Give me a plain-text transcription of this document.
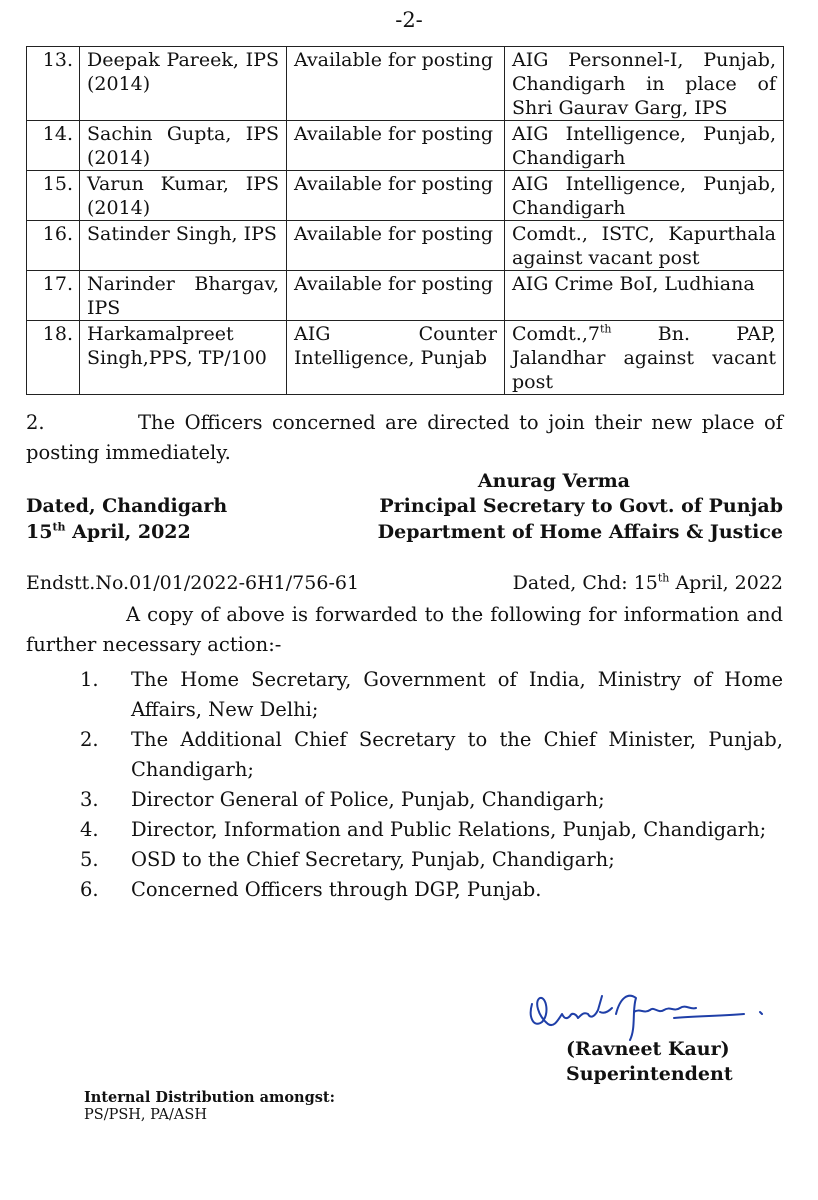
-2-
13.	Deepak Pareek, IPS (2014)	Available for posting	AIG Personnel-I, Punjab, Chandigarh in place of Shri Gaurav Garg, IPS
14.	Sachin Gupta, IPS (2014)	Available for posting	AIG Intelligence, Punjab, Chandigarh
15.	Varun Kumar, IPS (2014)	Available for posting	AIG Intelligence, Punjab, Chandigarh
16.	Satinder Singh, IPS	Available for posting	Comdt., ISTC, Kapurthala against vacant post
17.	Narinder Bhargav, IPS	Available for posting	AIG Crime BoI, Ludhiana
18.	Harkamalpreet Singh,PPS, TP/100	AIG Counter Intelligence, Punjab	Comdt.,7th Bn. PAP, Jalandhar against vacant post
2.	The Officers concerned are directed to join their new place of posting immediately.
Anurag Verma
Principal Secretary to Govt. of Punjab
Department of Home Affairs & Justice
Dated, Chandigarh
15th April, 2022
Endstt.No.01/01/2022-6H1/756-61	Dated, Chd: 15th April, 2022
A copy of above is forwarded to the following for information and further necessary action:-
1. The Home Secretary, Government of India, Ministry of Home Affairs, New Delhi;
2. The Additional Chief Secretary to the Chief Minister, Punjab, Chandigarh;
3. Director General of Police, Punjab, Chandigarh;
4. Director, Information and Public Relations, Punjab, Chandigarh;
5. OSD to the Chief Secretary, Punjab, Chandigarh;
6. Concerned Officers through DGP, Punjab.
(Ravneet Kaur)
Superintendent
Internal Distribution amongst:
PS/PSH, PA/ASH
